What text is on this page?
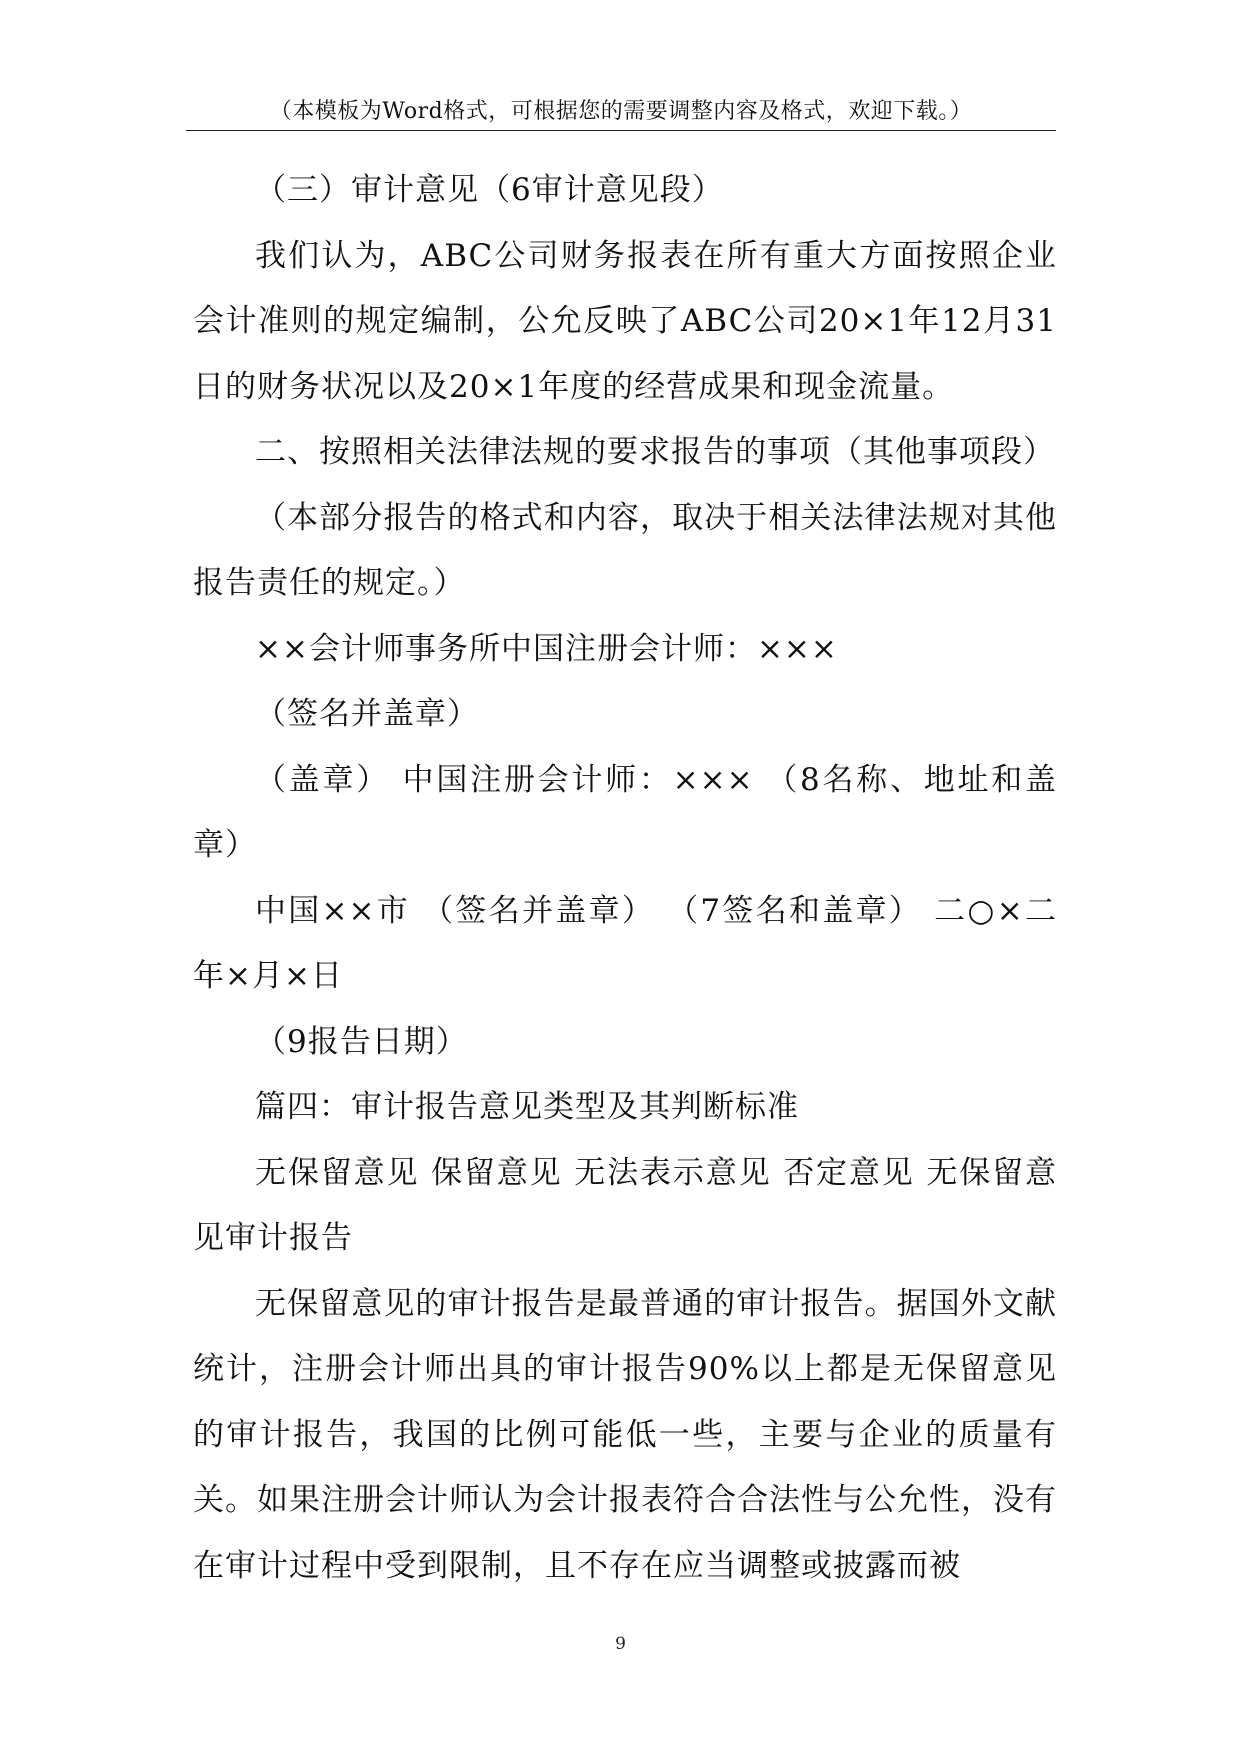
（本模板为Word格式，可根据您的需要调整内容及格式，欢迎下载。）

（三）审计意见（6审计意见段）

我们认为，ABC公司财务报表在所有重大方面按照企业会计准则的规定编制，公允反映了ABC公司20×1年12月31日的财务状况以及20×1年度的经营成果和现金流量。

二、按照相关法律法规的要求报告的事项（其他事项段）

（本部分报告的格式和内容，取决于相关法律法规对其他报告责任的规定。）

××会计师事务所中国注册会计师：×××

（签名并盖章）

（盖章） 中国注册会计师：××× （8名称、地址和盖章）

中国××市 （签名并盖章） （7签名和盖章） 二○×二年×月×日

（9报告日期）

篇四：审计报告意见类型及其判断标准

无保留意见 保留意见 无法表示意见 否定意见 无保留意见审计报告

无保留意见的审计报告是最普通的审计报告。据国外文献统计，注册会计师出具的审计报告90%以上都是无保留意见的审计报告，我国的比例可能低一些，主要与企业的质量有关。如果注册会计师认为会计报表符合合法性与公允性，没有在审计过程中受到限制，且不存在应当调整或披露而被

9
